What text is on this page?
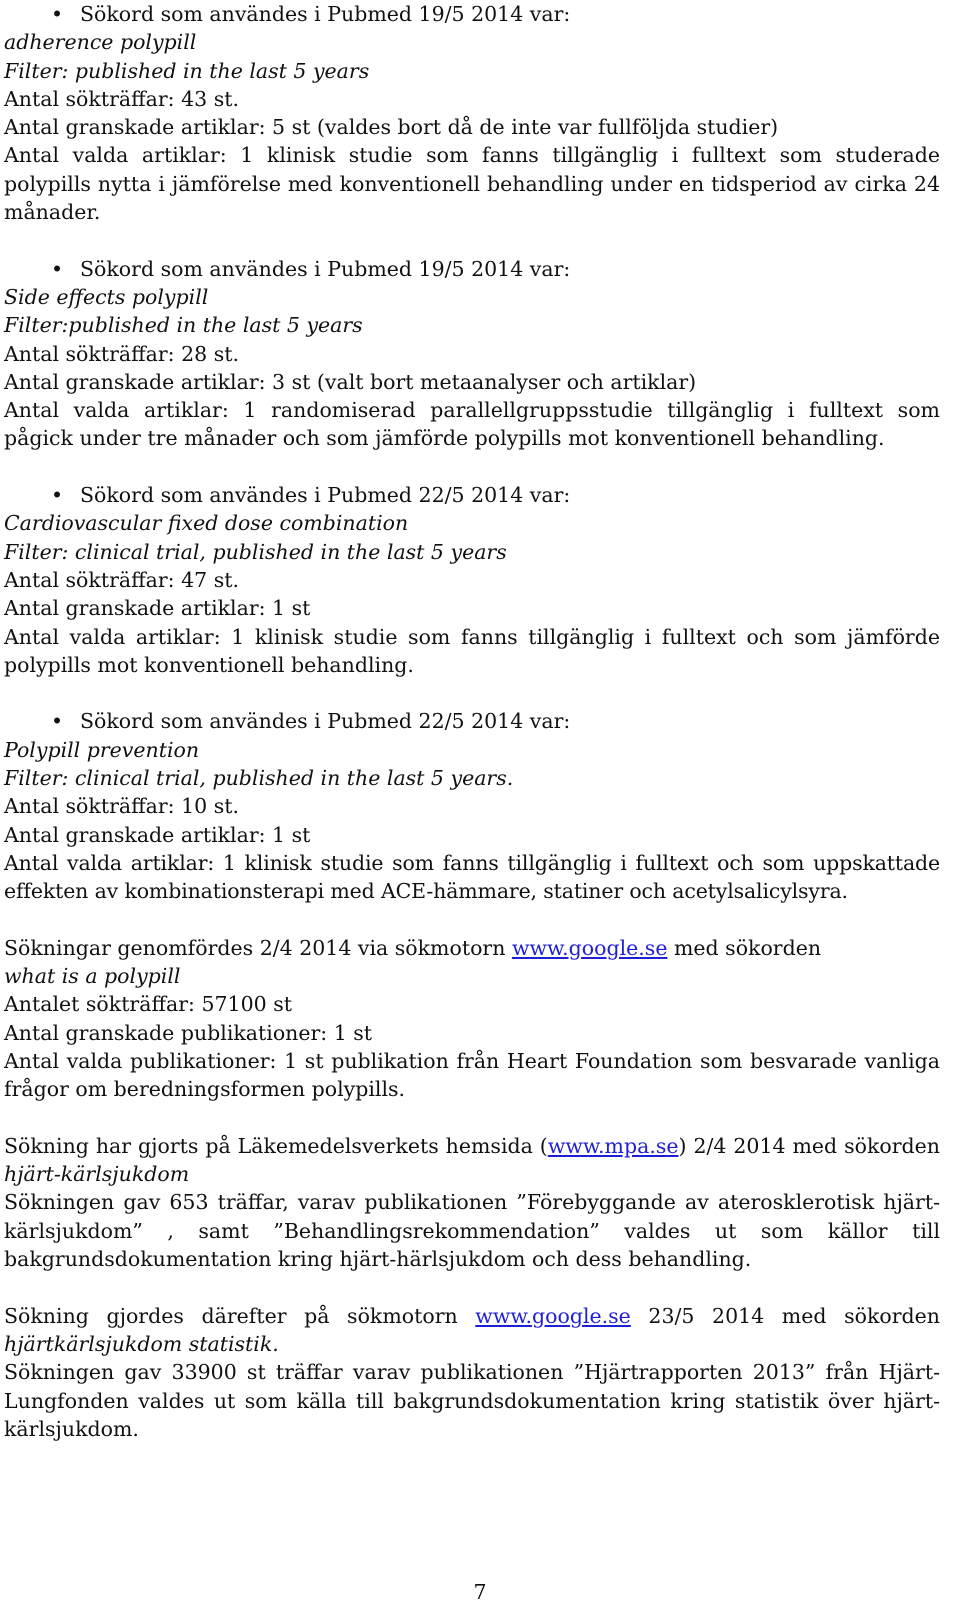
• Sökord som användes i Pubmed 19/5 2014 var:
adherence polypill
Filter: published in the last 5 years
Antal sökträffar: 43 st.
Antal granskade artiklar: 5 st (valdes bort då de inte var fullföljda studier)
Antal valda artiklar: 1 klinisk studie som fanns tillgänglig i fulltext som studerade polypills nytta i jämförelse med konventionell behandling under en tidsperiod av cirka 24 månader.
• Sökord som användes i Pubmed 19/5 2014 var:
Side effects polypill
Filter:published in the last 5 years
Antal sökträffar: 28 st.
Antal granskade artiklar: 3 st (valt bort metaanalyser och artiklar)
Antal valda artiklar: 1 randomiserad parallellgruppsstudie tillgänglig i fulltext som pågick under tre månader och som jämförde polypills mot konventionell behandling.
• Sökord som användes i Pubmed 22/5 2014 var:
Cardiovascular fixed dose combination
Filter: clinical trial, published in the last 5 years
Antal sökträffar: 47 st.
Antal granskade artiklar: 1 st
Antal valda artiklar: 1 klinisk studie som fanns tillgänglig i fulltext och som jämförde polypills mot konventionell behandling.
• Sökord som användes i Pubmed 22/5 2014 var:
Polypill prevention
Filter: clinical trial, published in the last 5 years.
Antal sökträffar: 10 st.
Antal granskade artiklar: 1 st
Antal valda artiklar: 1 klinisk studie som fanns tillgänglig i fulltext och som uppskattade effekten av kombinationsterapi med ACE-hämmare, statiner och acetylsalicylsyra.
Sökningar genomfördes 2/4 2014 via sökmotorn www.google.se med sökorden
what is a polypill
Antalet sökträffar: 57100 st
Antal granskade publikationer: 1 st
Antal valda publikationer: 1 st publikation från Heart Foundation som besvarade vanliga frågor om beredningsformen polypills.
Sökning har gjorts på Läkemedelsverkets hemsida (www.mpa.se) 2/4 2014 med sökorden hjärt-kärlsjukdom
Sökningen gav 653 träffar, varav publikationen ”Förebyggande av aterosklerotisk hjärt-kärlsjukdom” , samt ”Behandlingsrekommendation” valdes ut som källor till bakgrundsdokumentation kring hjärt-härlsjukdom och dess behandling.
Sökning gjordes därefter på sökmotorn www.google.se 23/5 2014 med sökorden hjärtkärlsjukdom statistik.
Sökningen gav 33900 st träffar varav publikationen ”Hjärtrapporten 2013” från Hjärt-Lungfonden valdes ut som källa till bakgrundsdokumentation kring statistik över hjärt-kärlsjukdom.
7
